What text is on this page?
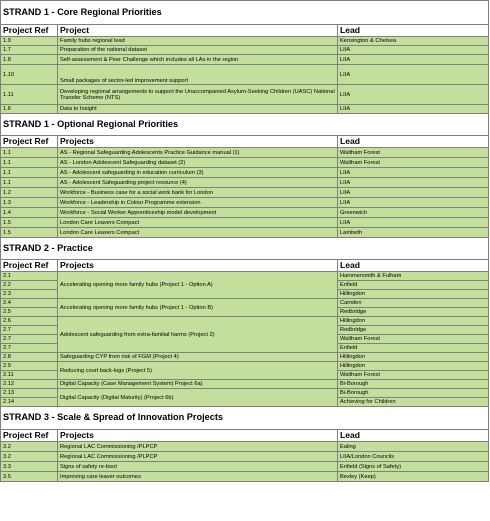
STRAND 1 - Core Regional Priorities		
Project Ref	Project	Lead
1.9	Family hubs regional lead	Kensington & Chelsea
1.7	Preparation of the national dataset	LIIA
1.8	Self-assessment & Peer Challenge which includes all LAs in the region	LIIA
1.10	Small packages of sector-led improvement support	LIIA
1.11	Developing regional arrangements to support the Unaccompanied Asylum-Seeking Children (UASC) National Transfer Scheme (NTS)	LIIA
1.6	Data to Insight	LIIA
STRAND 1 - Optional Regional Priorities		
Project Ref	Projects	Lead
1.1	AS - Regional Safeguarding Adolescents Practice Guidance manual (1)	Waltham Forest
1.1	AS - London Adolescent Safeguarding dataset (2)	Waltham Forest
1.1	AS - Adolescent safeguarding in education curriculum (3)	LIIA
1.1	AS - Adolescent Safeguarding project resource (4)	LIIA
1.2	Workforce - Business case for a social work bank for London	LIIA
1.3	Workforce - Leadership in Colour Programme extension	LIIA
1.4	Workforce - Social Worker Apprenticeship model development	Greenwich
1.5	London Care Leavers Compact	LIIA
1.5	London Care Leavers Compact	Lambeth
STRAND 2 - Practice		
Project Ref	Projects	Lead
2.1	Accelerating opening more family hubs (Project 1 - Option A)	Hammersmith & Fulham
2.2		Enfield
2.3		Hillingdon
2.4	Accelerating opening more family hubs (Project 1 - Option B)	Camden
2.5		Redbridge
2.6	Adolescent safeguarding from extra-familial harms (Project 2)	Hillingdon
2.7		Redbridge
2.7		Waltham Forest
2.7		Enfield
2.8	Safeguarding CYP from risk of FGM (Project 4)	Hillingdon
2.9	Reducing court back-logs (Project 5)	Hillingdon
2.11		Waltham Forest
2.12	Digital Capacity (Case Management System) Project 6a)	Bi-Borough
2.13	Digital Capacity (Digital Maturity) (Project 6b)	Bi-Borough
2.14		Achieving for Children
STRAND 3 - Scale & Spread of Innovation Projects		
Project Ref	Projects	Lead
3.2	Regional LAC Commissioning /PLPCP	Ealing
3.2	Regional LAC Commissioning /PLPCP	LIIA/London Councils
3.3	Signs of safety re-boot	Enfield (Signs of Safety)
3.5	Improving care leaver outcomes	Bexley (Keep)
